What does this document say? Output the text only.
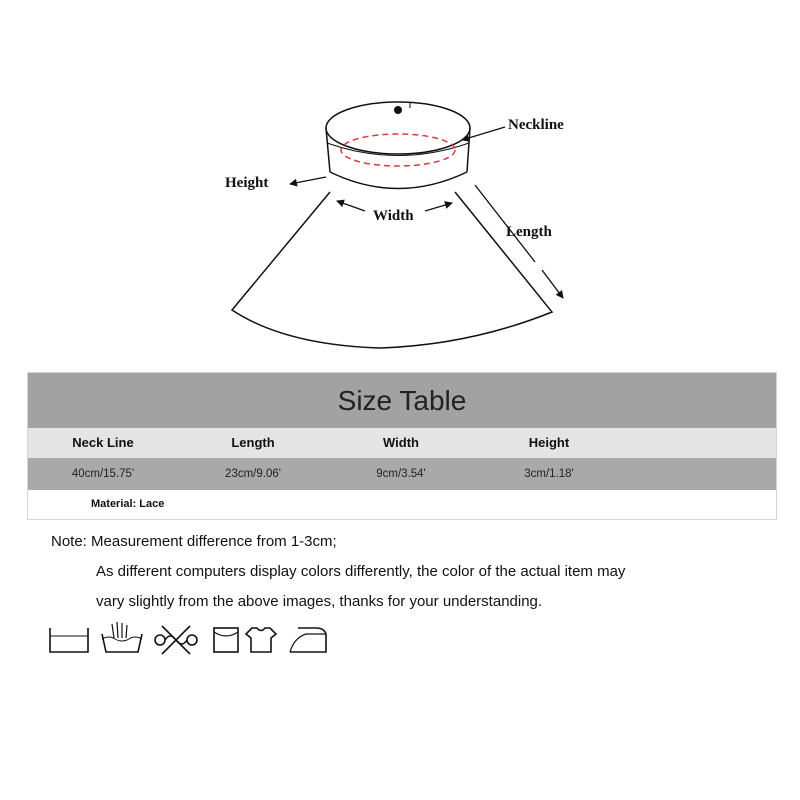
Neckline
Height
Width
Length
Size Table
Neck Line	Length	Width	Height
40cm/15.75'	23cm/9.06'	9cm/3.54'	3cm/1.18'
Material: Lace
Note: Measurement difference from 1-3cm;
As different computers display colors differently, the color of the actual item may
vary slightly from the above images, thanks for your understanding.
